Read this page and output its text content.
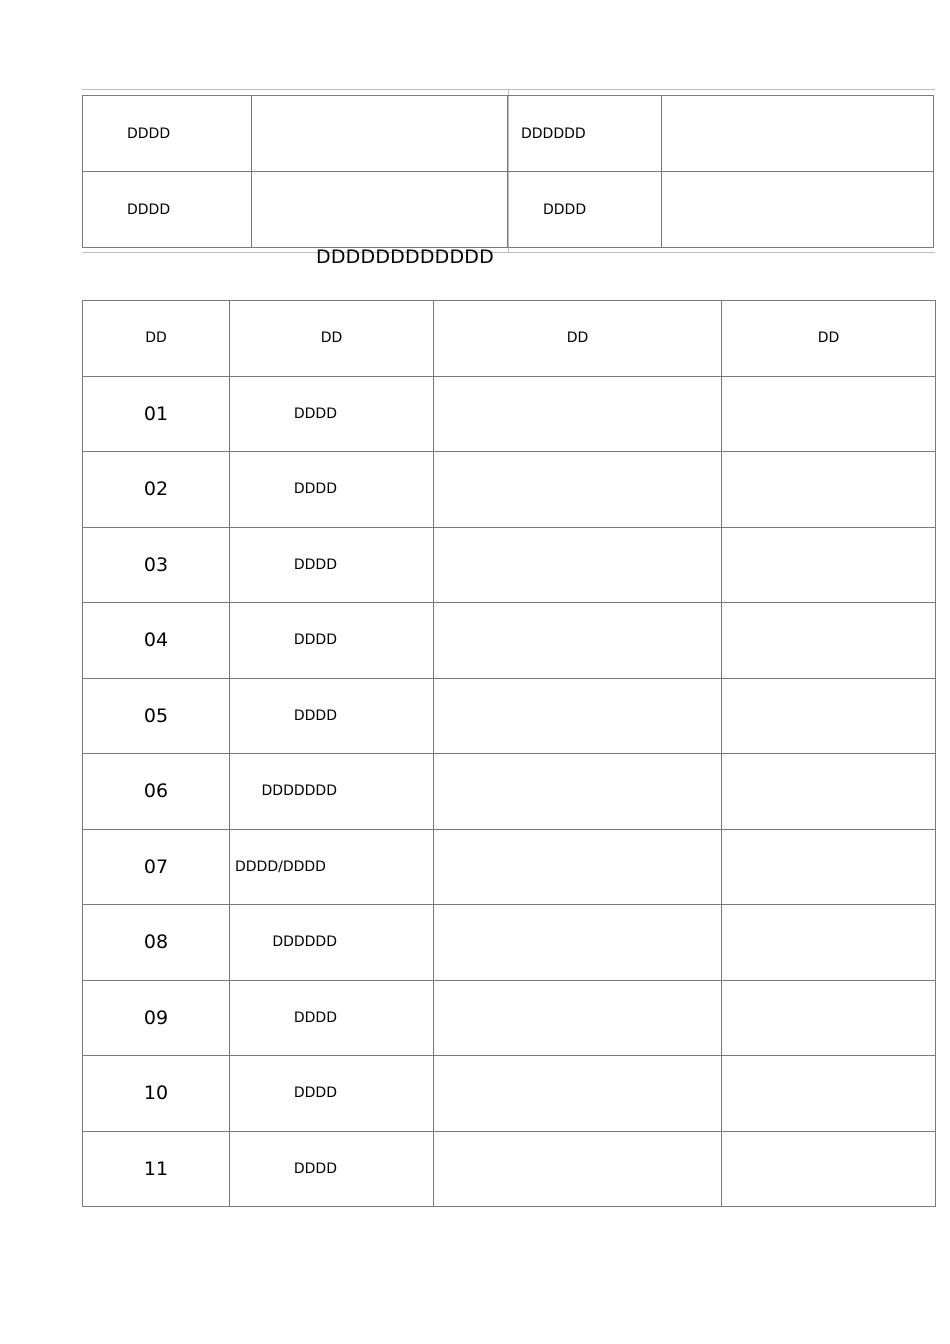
DDDD		DDDDDD	
DDDD		DDDD	
DDDDDDDDDDDD
DD	DD	DD	DD
01	DDDD		
02	DDDD		
03	DDDD		
04	DDDD		
05	DDDD		
06	DDDDDDD		
07	DDDD/DDDD		
08	DDDDDD		
09	DDDD		
10	DDDD		
11	DDDD		
